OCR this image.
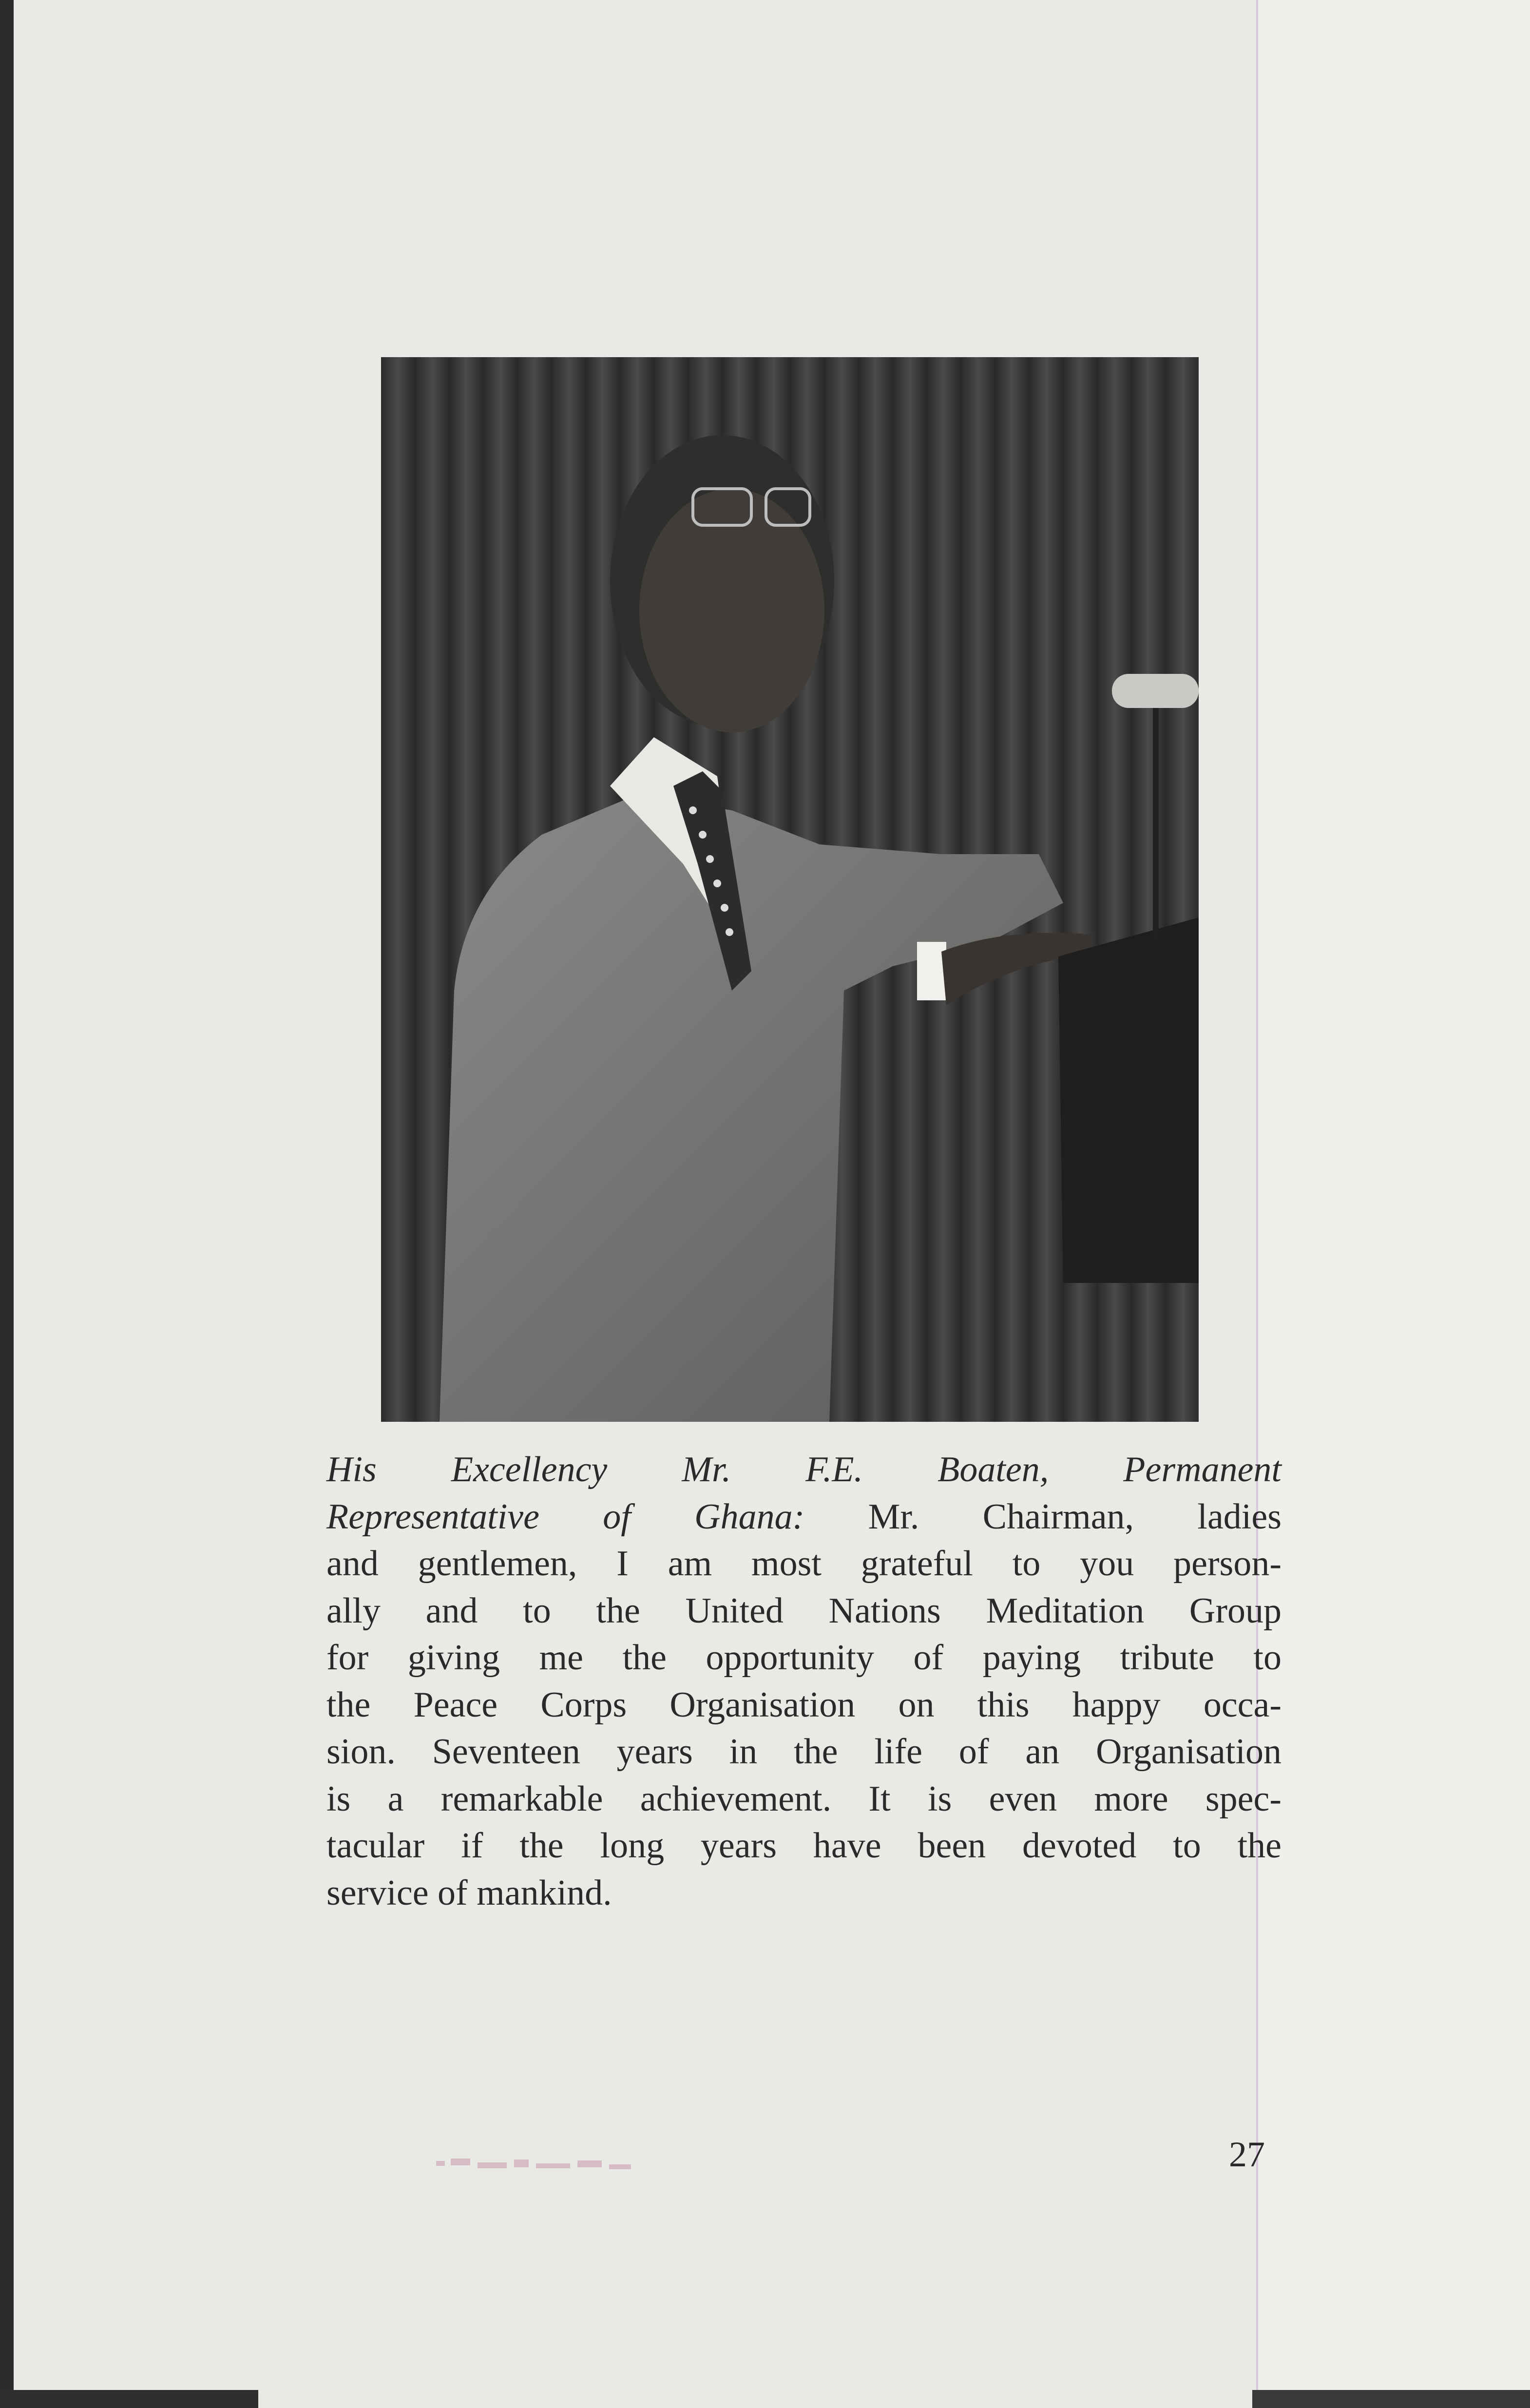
His Excellency Mr. F.E. Boaten, Permanent
Representative of Ghana: Mr. Chairman, ladies
and gentlemen, I am most grateful to you person-
ally and to the United Nations Meditation Group
for giving me the opportunity of paying tribute to
the Peace Corps Organisation on this happy occa-
sion. Seventeen years in the life of an Organisation
is a remarkable achievement. It is even more spec-
tacular if the long years have been devoted to the
service of mankind.

27
